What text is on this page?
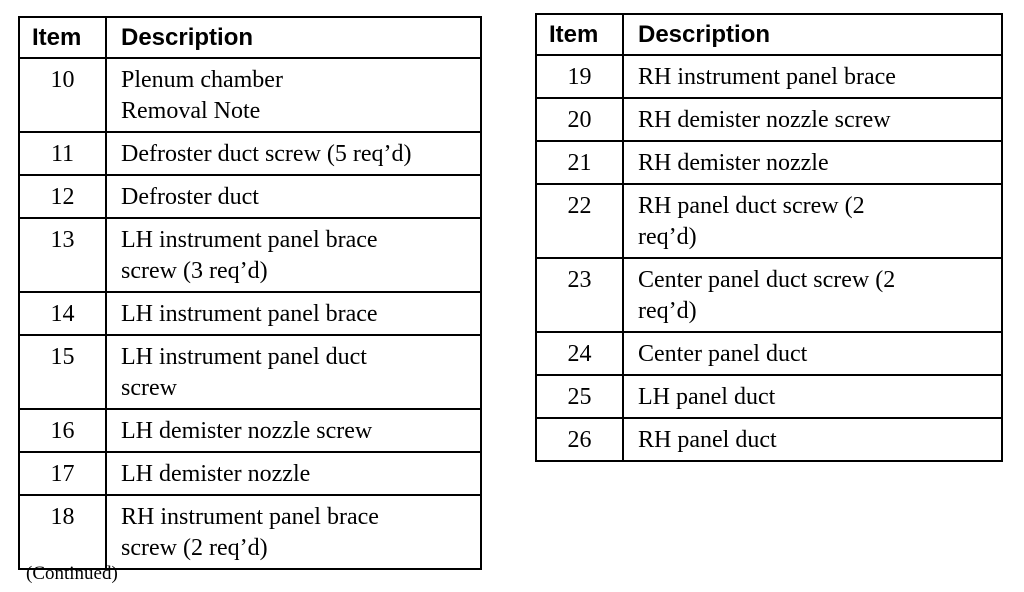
Item	Description
10	Plenum chamber
Removal Note

11	Defroster duct screw (5 req’d)

12	Defroster duct

13	LH instrument panel brace
screw (3 req’d)

14	LH instrument panel brace

15	LH instrument panel duct
screw

16	LH demister nozzle screw

17	LH demister nozzle

18	RH instrument panel brace
screw (2 req’d)
Item	Description
19	RH instrument panel brace

20	RH demister nozzle screw

21	RH demister nozzle

22	RH panel duct screw (2
req’d)

23	Center panel duct screw (2
req’d)

24	Center panel duct

25	LH panel duct

26	RH panel duct
(Continued)
